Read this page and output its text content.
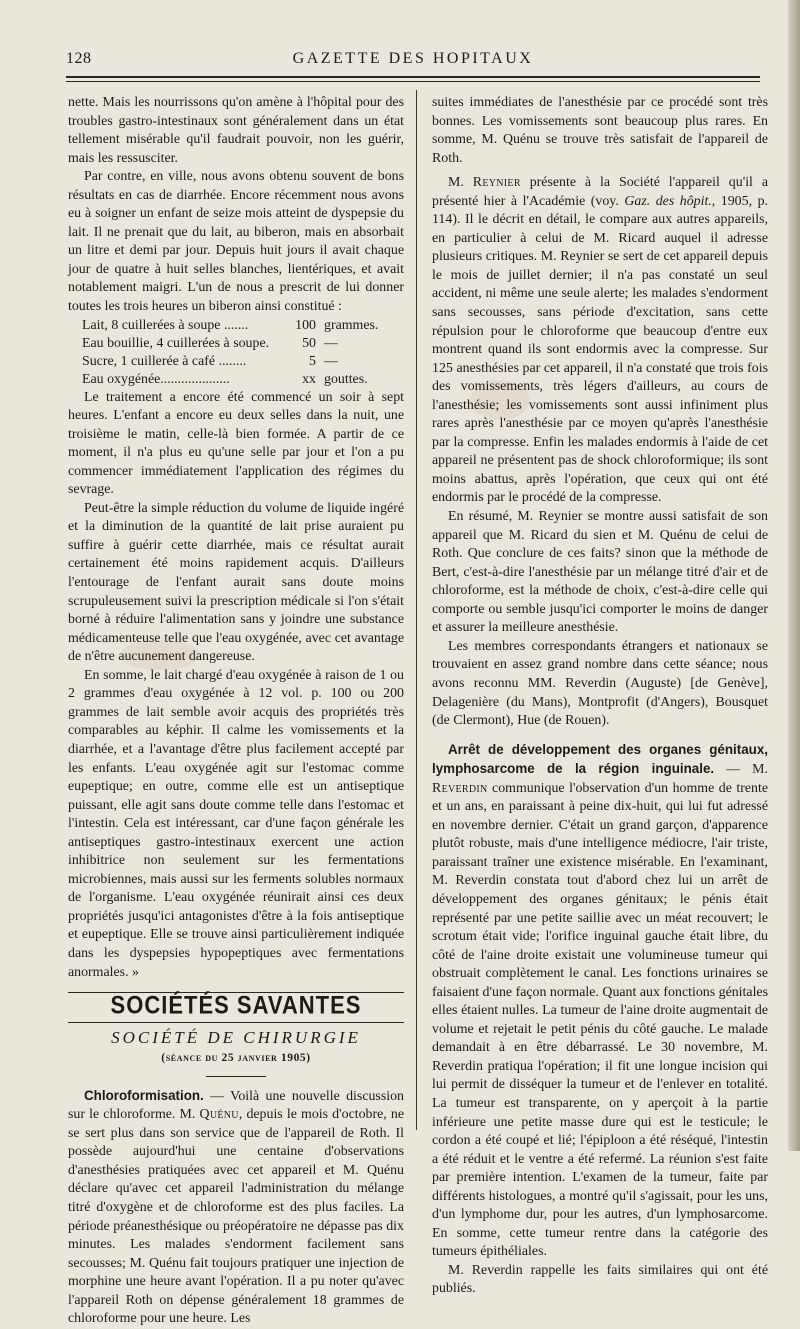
128	GAZETTE DES HOPITAUX

nette. Mais les nourrissons qu'on amène à l'hôpital pour des troubles gastro-intestinaux sont généralement dans un état tellement misérable qu'il faudrait pouvoir, non les guérir, mais les ressusciter.

Par contre, en ville, nous avons obtenu souvent de bons résultats en cas de diarrhée. Encore récemment nous avons eu à soigner un enfant de seize mois atteint de dyspepsie du lait. Il ne prenait que du lait, au biberon, mais en absorbait un litre et demi par jour. Depuis huit jours il avait chaque jour de quatre à huit selles blanches, lientériques, et avait notablement maigri. L'un de nous a prescrit de lui donner toutes les trois heures un biberon ainsi constitué :

Lait, 8 cuillerées à soupe .......	100 grammes.
Eau bouillie, 4 cuillerées à soupe.	50 —
Sucre, 1 cuillerée à café ........	5 —
Eau oxygénée....................	xx gouttes.

Le traitement a encore été commencé un soir à sept heures. L'enfant a encore eu deux selles dans la nuit, une troisième le matin, celle-là bien formée. A partir de ce moment, il n'a plus eu qu'une selle par jour et l'on a pu commencer immédiatement l'application des régimes du sevrage.

Peut-être la simple réduction du volume de liquide ingéré et la diminution de la quantité de lait prise auraient pu suffire à guérir cette diarrhée, mais ce résultat aurait certainement été moins rapidement acquis. D'ailleurs l'entourage de l'enfant aurait sans doute moins scrupuleusement suivi la prescription médicale si l'on s'était borné à réduire l'alimentation sans y joindre une substance médicamenteuse telle que l'eau oxygénée, avec cet avantage de n'être aucunement dangereuse.

En somme, le lait chargé d'eau oxygénée à raison de 1 ou 2 grammes d'eau oxygénée à 12 vol. p. 100 ou 200 grammes de lait semble avoir acquis des propriétés très comparables au képhir. Il calme les vomissements et la diarrhée, et a l'avantage d'être plus facilement accepté par les enfants. L'eau oxygénée agit sur l'estomac comme eupeptique; en outre, comme elle est un antiseptique puissant, elle agit sans doute comme telle dans l'estomac et l'intestin. Cela est intéressant, car d'une façon générale les antiseptiques gastro-intestinaux exercent une action inhibitrice non seulement sur les fermentations microbiennes, mais aussi sur les ferments solubles normaux de l'organisme. L'eau oxygénée réunirait ainsi ces deux propriétés jusqu'ici antagonistes d'être à la fois antiseptique et eupeptique. Elle se trouve ainsi particulièrement indiquée dans les dyspepsies hypopeptiques avec fermentations anormales. »

SOCIÉTÉS SAVANTES
SOCIÉTÉ DE CHIRURGIE
(séance du 25 janvier 1905)

Chloroformisation. — Voilà une nouvelle discussion sur le chloroforme. M. Quénu, depuis le mois d'octobre, ne se sert plus dans son service que de l'appareil de Roth. Il possède aujourd'hui une centaine d'observations d'anesthésies pratiquées avec cet appareil et M. Quénu déclare qu'avec cet appareil l'administration du mélange titré d'oxygène et de chloroforme est des plus faciles. La période préanesthésique ou préopératoire ne dépasse pas dix minutes. Les malades s'endorment facilement sans secousses; M. Quénu fait toujours pratiquer une injection de morphine une heure avant l'opération. Il a pu noter qu'avec l'appareil Roth on dépense généralement 18 grammes de chloroforme pour une heure. Les

suites immédiates de l'anesthésie par ce procédé sont très bonnes. Les vomissements sont beaucoup plus rares. En somme, M. Quénu se trouve très satisfait de l'appareil de Roth.

M. Reynier présente à la Société l'appareil qu'il a présenté hier à l'Académie (voy. Gaz. des hôpit., 1905, p. 114). Il le décrit en détail, le compare aux autres appareils, en particulier à celui de M. Ricard auquel il adresse plusieurs critiques. M. Reynier se sert de cet appareil depuis le mois de juillet dernier; il n'a pas constaté un seul accident, ni même une seule alerte; les malades s'endorment sans secousses, sans période d'excitation, sans cette répulsion pour le chloroforme que beaucoup d'entre eux montrent quand ils sont endormis avec la compresse. Sur 125 anesthésies par cet appareil, il n'a constaté que trois fois des vomissements, très légers d'ailleurs, au cours de l'anesthésie; les vomissements sont aussi infiniment plus rares après l'anesthésie par ce moyen qu'après l'anesthésie par la compresse. Enfin les malades endormis à l'aide de cet appareil ne présentent pas de shock chloroformique; ils sont moins abattus, après l'opération, que ceux qui ont été endormis par le procédé de la compresse.

En résumé, M. Reynier se montre aussi satisfait de son appareil que M. Ricard du sien et M. Quénu de celui de Roth. Que conclure de ces faits? sinon que la méthode de Bert, c'est-à-dire l'anesthésie par un mélange titré d'air et de chloroforme, est la méthode de choix, c'est-à-dire celle qui comporte ou semble jusqu'ici comporter le moins de danger et assurer la meilleure anesthésie.

Les membres correspondants étrangers et nationaux se trouvaient en assez grand nombre dans cette séance; nous avons reconnu MM. Reverdin (Auguste) [de Genève], Delagenière (du Mans), Montprofit (d'Angers), Bousquet (de Clermont), Hue (de Rouen).

Arrêt de développement des organes génitaux, lymphosarcome de la région inguinale. — M. Reverdin communique l'observation d'un homme de trente et un ans, en paraissant à peine dix-huit, qui lui fut adressé en novembre dernier. C'était un grand garçon, d'apparence plutôt robuste, mais d'une intelligence médiocre, l'air triste, paraissant traîner une existence misérable. En l'examinant, M. Reverdin constata tout d'abord chez lui un arrêt de développement des organes génitaux; le pénis était représenté par une petite saillie avec un méat recouvert; le scrotum était vide; l'orifice inguinal gauche était libre, du côté de l'aine droite existait une volumineuse tumeur qui obstruait complètement le canal. Les fonctions urinaires se faisaient d'une façon normale. Quant aux fonctions génitales elles étaient nulles. La tumeur de l'aine droite augmentait de volume et rejetait le petit pénis du côté gauche. Le malade demandait à en être débarrassé. Le 30 novembre, M. Reverdin pratiqua l'opération; il fit une longue incision qui lui permit de disséquer la tumeur et de l'enlever en totalité. La tumeur est transparente, on y aperçoit à la partie inférieure une petite masse dure qui est le testicule; le cordon a été coupé et lié; l'épiploon a été réséqué, l'intestin a été réduit et le ventre a été refermé. La réunion s'est faite par première intention. L'examen de la tumeur, faite par différents histologues, a montré qu'il s'agissait, pour les uns, d'un lymphome dur, pour les autres, d'un lymphosarcome. En somme, cette tumeur rentre dans la catégorie des tumeurs épithéliales.

M. Reverdin rappelle les faits similaires qui ont été publiés.
